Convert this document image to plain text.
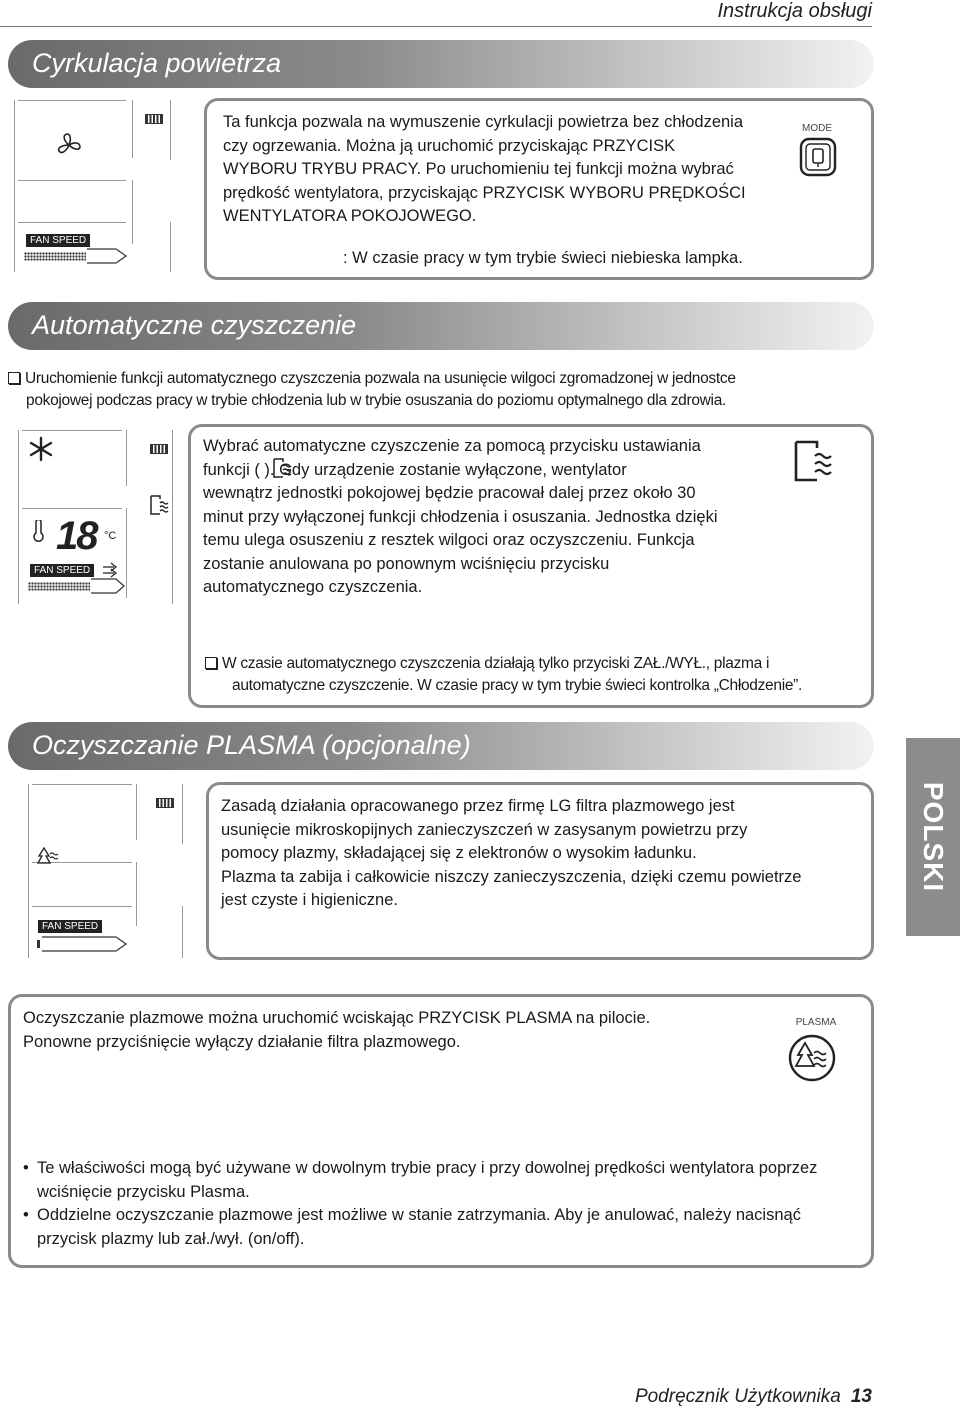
Instrukcja obsługi
Cyrkulacja powietrza
FAN SPEED

Ta funkcja pozwala na wymuszenie cyrkulacji powietrza bez chłodzenia

czy ogrzewania. Można ją uruchomić przyciskając PRZYCISK

WYBORU TRYBU PRACY. Po uruchomieniu tej funkcji można wybrać

prędkość wentylatora, przyciskając PRZYCISK WYBORU PRĘDKOŚCI

WENTYLATORA POKOJOWEGO.

: W czasie pracy w tym trybie świeci niebieska lampka.
MODE
Automatyczne czyszczenie

Uruchomienie funkcji automatycznego czyszczenia pozwala na usunięcie wilgoci zgromadzonej w jednostce

pokojowej podczas pracy w trybie chłodzenia lub w trybie osuszania do poziomu optymalnego dla zdrowia.

18 °C
FAN SPEED

Wybrać automatyczne czyszczenie za pomocą przycisku ustawiania

funkcji ( ). Gdy urządzenie zostanie wyłączone, wentylator

wewnątrz jednostki pokojowej będzie pracował dalej przez około 30

minut przy wyłączonej funkcji chłodzenia i osuszania. Jednostka dzięki

temu ulega osuszeniu z resztek wilgoci oraz oczyszczeniu. Funkcja

zostanie anulowana po ponownym wciśnięciu przycisku

automatycznego czyszczenia.

W czasie automatycznego czyszczenia działają tylko przyciski ZAŁ./WYŁ., plazma i

automatyczne czyszczenie. W czasie pracy w tym trybie świeci kontrolka „Chłodzenie”.

Oczyszczanie PLASMA (opcjonalne)
FAN SPEED

Zasadą działania opracowanego przez firmę LG filtra plazmowego jest

usunięcie mikroskopijnych zanieczyszczeń w zasysanym powietrzu przy

pomocy plazmy, składającej się z elektronów o wysokim ładunku.

Plazma ta zabija i całkowicie niszczy zanieczyszczenia, dzięki czemu powietrze

jest czyste i higieniczne.

POLSKI

Oczyszczanie plazmowe można uruchomić wciskając PRZYCISK PLASMA na pilocie.

Ponowne przyciśnięcie wyłączy działanie filtra plazmowego.

PLASMA
• Te właściwości mogą być używane w dowolnym trybie pracy i przy dowolnej prędkości wentylatora poprzez wciśnięcie przycisku Plasma.
• Oddzielne oczyszczanie plazmowe jest możliwe w stanie zatrzymania. Aby je anulować, należy nacisnąć przycisk plazmy lub zał./wył. (on/off).
Podręcznik Użytkownika 13
